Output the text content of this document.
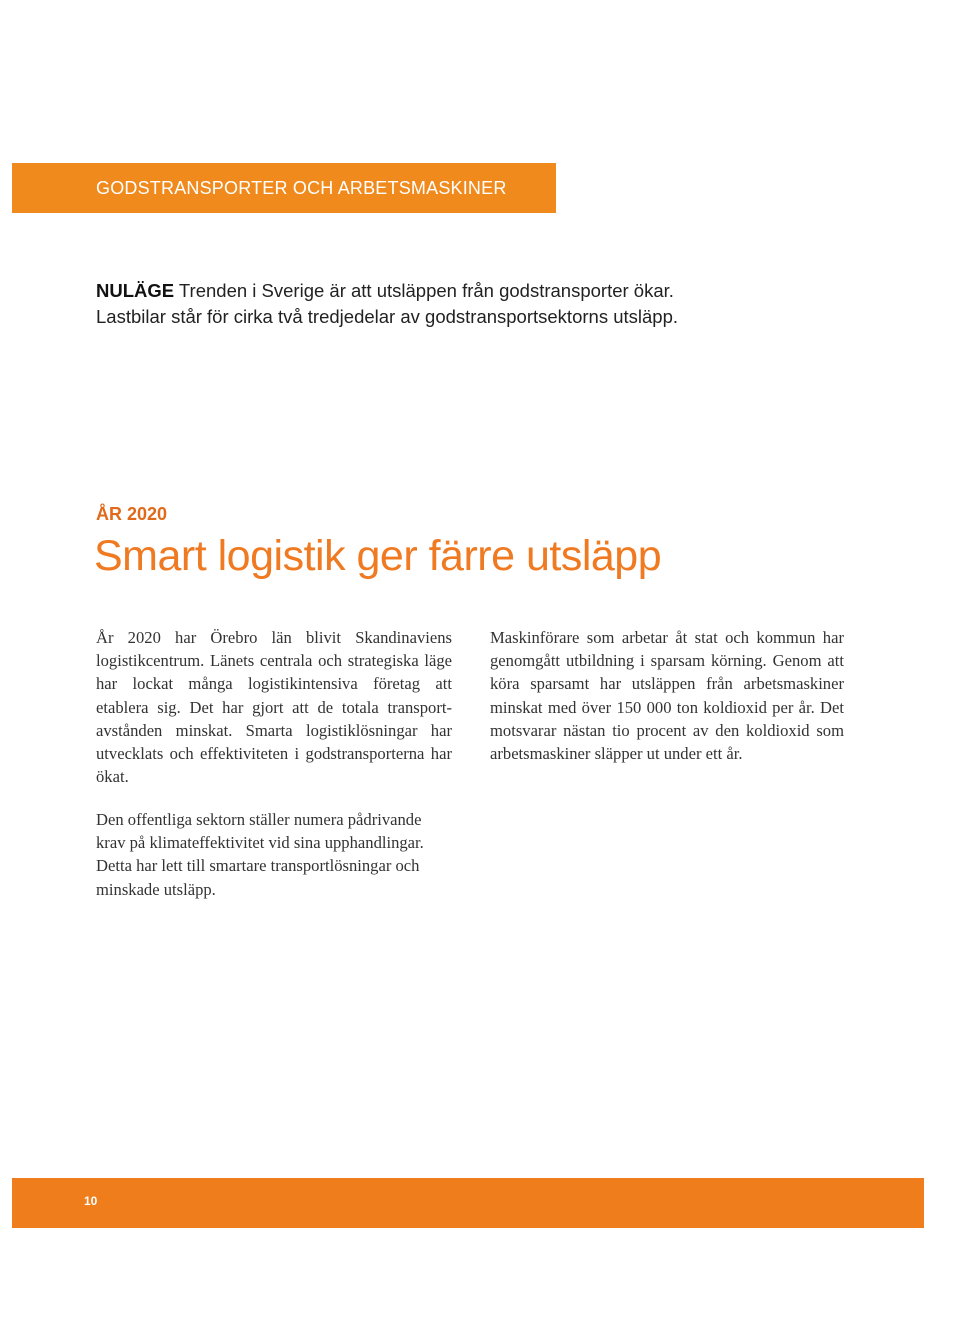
GODSTRANSPORTER OCH ARBETSMASKINER
NULÄGE Trenden i Sverige är att utsläppen från godstransporter ökar. Lastbilar står för cirka två tredjedelar av godstransportsektorns utsläpp.
ÅR 2020
Smart logistik ger färre utsläpp

År 2020 har Örebro län blivit Skandinaviens logistikcentrum. Länets centrala och strategiska läge har lockat många logistikintensiva företag att etablera sig. Det har gjort att de totala transportavstånden minskat. Smarta logistiklösningar har utvecklats och effektiviteten i godstransporterna har ökat.

Maskinförare som arbetar åt stat och kommun har genomgått utbildning i sparsam körning. Genom att köra sparsamt har utsläppen från arbetsmaskiner minskat med över 150 000 ton koldioxid per år. Det motsvarar nästan tio procent av den koldioxid som arbetsmaskiner släpper ut under ett år.

Den offentliga sektorn ställer numera pådrivande krav på klimateffektivitet vid sina upphandlingar. Detta har lett till smartare transportlösningar och minskade utsläpp.

10
